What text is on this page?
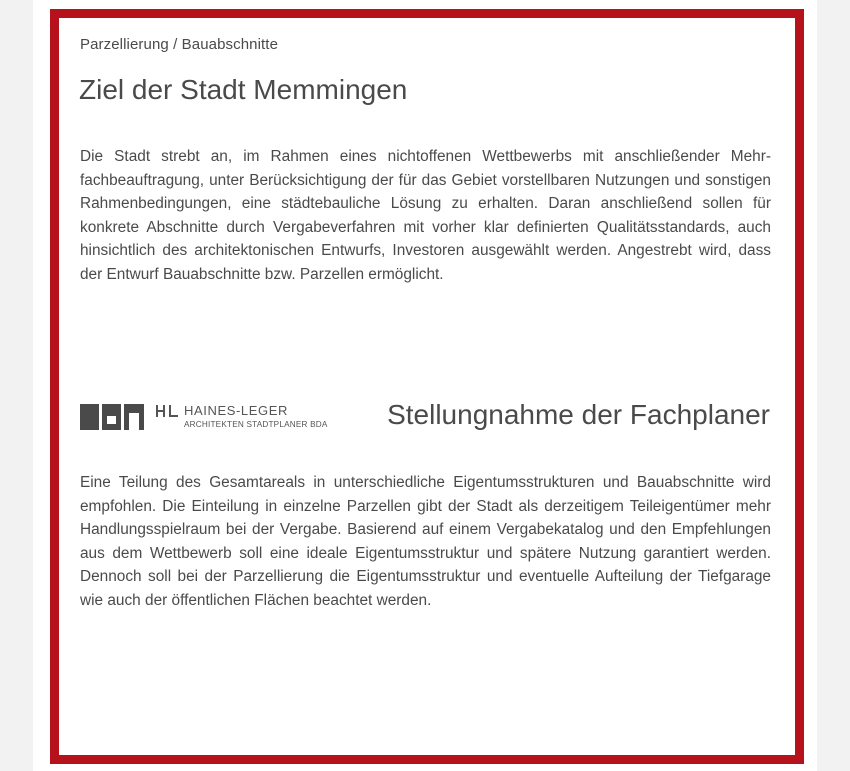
Parzellierung / Bauabschnitte
Ziel der Stadt Memmingen

Die Stadt strebt an, im Rahmen eines nichtoffenen Wettbewerbs mit anschließender Mehrfachbeauftragung, unter Berücksichtigung der für das Gebiet vorstellbaren Nutzungen und sonstigen Rahmenbedingungen, eine städtebauliche Lösung zu erhalten. Daran anschließend sollen für konkrete Abschnitte durch Vergabeverfahren mit vorher klar definierten Qualitätsstandards, auch hinsichtlich des architektonischen Entwurfs, Investoren ausgewählt werden. Angestrebt wird, dass der Entwurf Bauabschnitte bzw. Parzellen ermöglicht.

HAINES-LEGER
ARCHITEKTEN STADTPLANER BDA Stellungnahme der Fachplaner

Eine Teilung des Gesamtareals in unterschiedliche Eigentumsstrukturen und Bauabschnitte wird empfohlen. Die Einteilung in einzelne Parzellen gibt der Stadt als derzeitigem Teileigentümer mehr Handlungsspielraum bei der Vergabe. Basierend auf einem Vergabekatalog und den Empfehlungen aus dem Wettbewerb soll eine ideale Eigentumsstruktur und spätere Nutzung garantiert werden. Dennoch soll bei der Parzellierung die Eigentumsstruktur und eventuelle Aufteilung der Tiefgarage wie auch der öffentlichen Flächen beachtet werden.
